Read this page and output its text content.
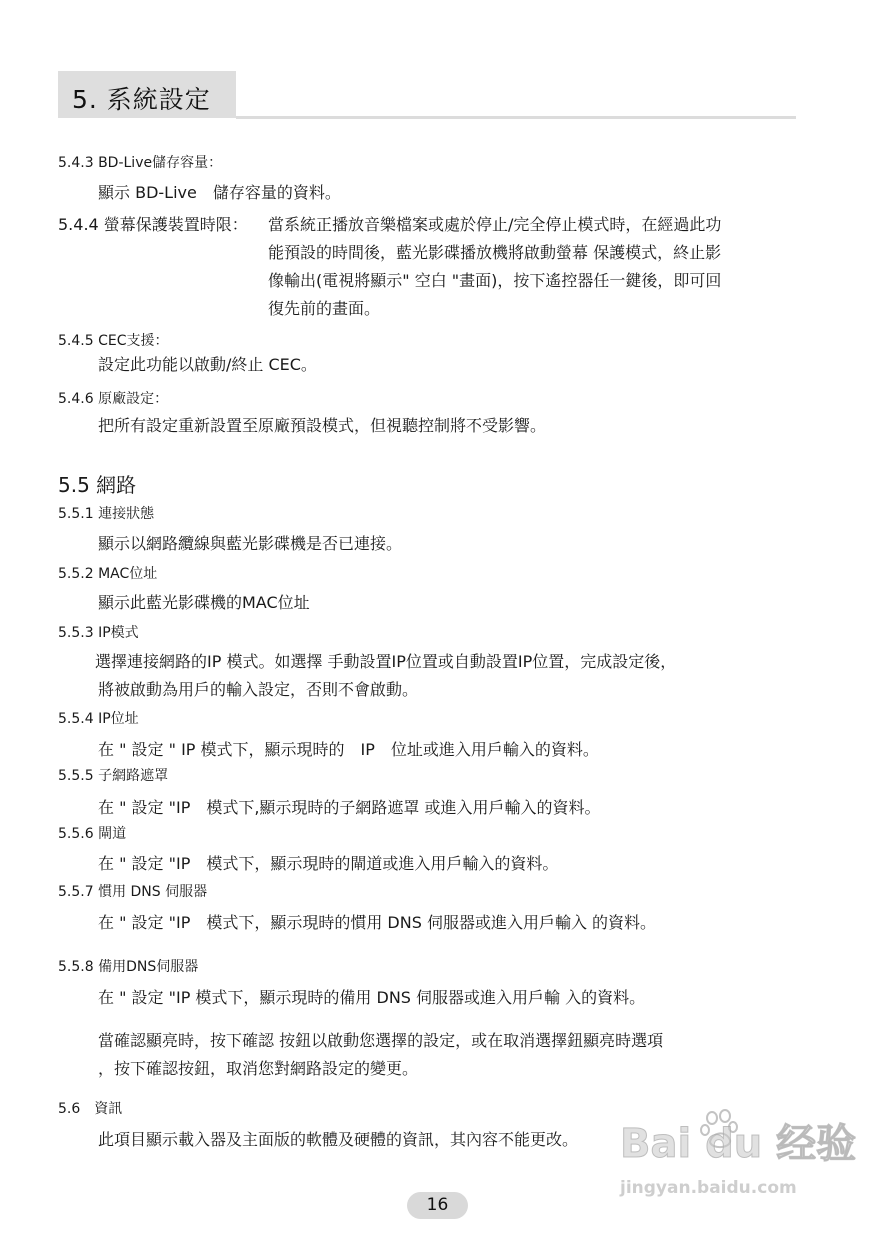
5. 系統設定
5.4.3 BD-Live儲存容量：
顯示 BD-Live　儲存容量的資料。
5.4.4 螢幕保護裝置時限： 當系統正播放音樂檔案或處於停止/完全停止模式時，在經過此功
能預設的時間後，藍光影碟播放機將啟動螢幕 保護模式，終止影
像輸出(電視將顯示" 空白 "畫面)，按下遙控器任一鍵後，即可回
復先前的畫面。
5.4.5 CEC支援：
設定此功能以啟動/終止 CEC。
5.4.6 原廠設定：
把所有設定重新設置至原廠預設模式，但視聽控制將不受影響。
5.5 網路
5.5.1 連接狀態
顯示以網路纜線與藍光影碟機是否已連接。
5.5.2 MAC位址
顯示此藍光影碟機的MAC位址
5.5.3 IP模式
選擇連接網路的IP 模式。如選擇 手動設置IP位置或自動設置IP位置，完成設定後，
將被啟動為用戶的輸入設定，否則不會啟動。
5.5.4 IP位址
在 " 設定 " IP 模式下，顯示現時的　IP　位址或進入用戶輸入的資料。
5.5.5 子網路遮罩
在 " 設定 "IP　模式下,顯示現時的子網路遮罩 或進入用戶輸入的資料。
5.5.6 閘道
在 " 設定 "IP　模式下，顯示現時的閘道或進入用戶輸入的資料。
5.5.7 慣用 DNS 伺服器
在 " 設定 "IP　模式下，顯示現時的慣用 DNS 伺服器或進入用戶輸入 的資料。
5.5.8 備用DNS伺服器
在 " 設定 "IP 模式下，顯示現時的備用 DNS 伺服器或進入用戶輸 入的資料。
當確認顯亮時，按下確認 按鈕以啟動您選擇的設定，或在取消選擇鈕顯亮時選項
，按下確認按鈕，取消您對網路設定的變更。
5.6　資訊
此項目顯示載入器及主面版的軟體及硬體的資訊，其內容不能更改。 Bai du 经验
jingyan.baidu.com
16
